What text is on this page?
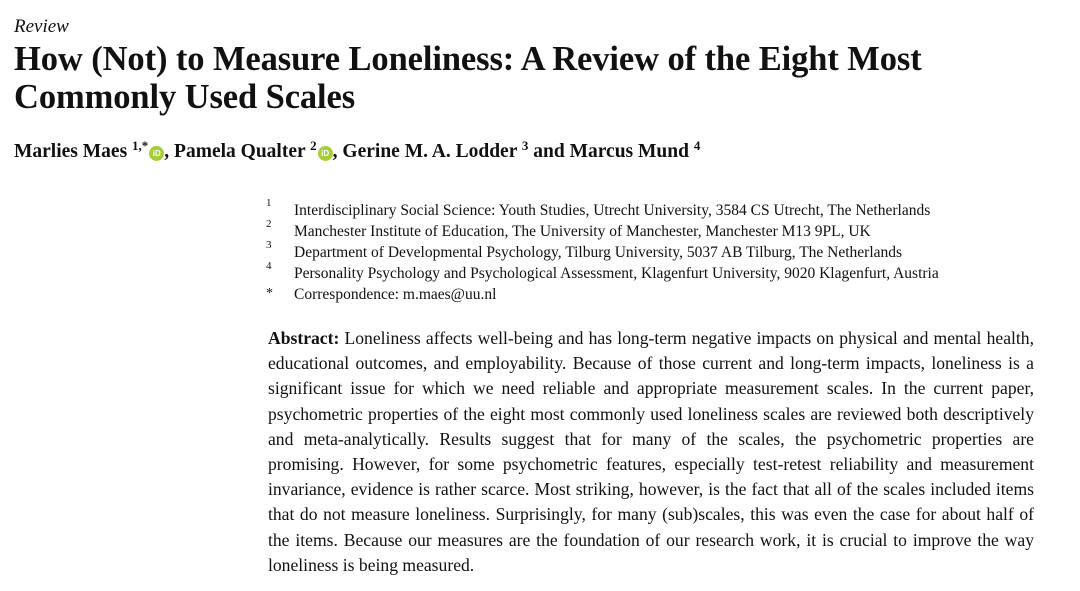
Review
How (Not) to Measure Loneliness: A Review of the Eight Most Commonly Used Scales
Marlies Maes $^{1,*}$iD , Pamela Qualter $^2$iD , Gerine M. A. Lodder $^3$ and Marcus Mund $^4$
1 Interdisciplinary Social Science: Youth Studies, Utrecht University, 3584 CS Utrecht, The Netherlands
2 Manchester Institute of Education, The University of Manchester, Manchester M13 9PL, UK
3 Department of Developmental Psychology, Tilburg University, 5037 AB Tilburg, The Netherlands
4 Personality Psychology and Psychological Assessment, Klagenfurt University, 9020 Klagenfurt, Austria
* Correspondence: m.maes@uu.nl

Abstract: Loneliness affects well-being and has long-term negative impacts on physical and mental health, educational outcomes, and employability. Because of those current and long-term impacts, loneliness is a significant issue for which we need reliable and appropriate measurement scales. In the current paper, psychometric properties of the eight most commonly used loneliness scales are reviewed both descriptively and meta-analytically. Results suggest that for many of the scales, the psychometric properties are promising. However, for some psychometric features, especially test-retest reliability and measurement invariance, evidence is rather scarce. Most striking, however, is the fact that all of the scales included items that do not measure loneliness. Surprisingly, for many (sub)scales, this was even the case for about half of the items. Because our measures are the foundation of our research work, it is crucial to improve the way loneliness is being measured.
